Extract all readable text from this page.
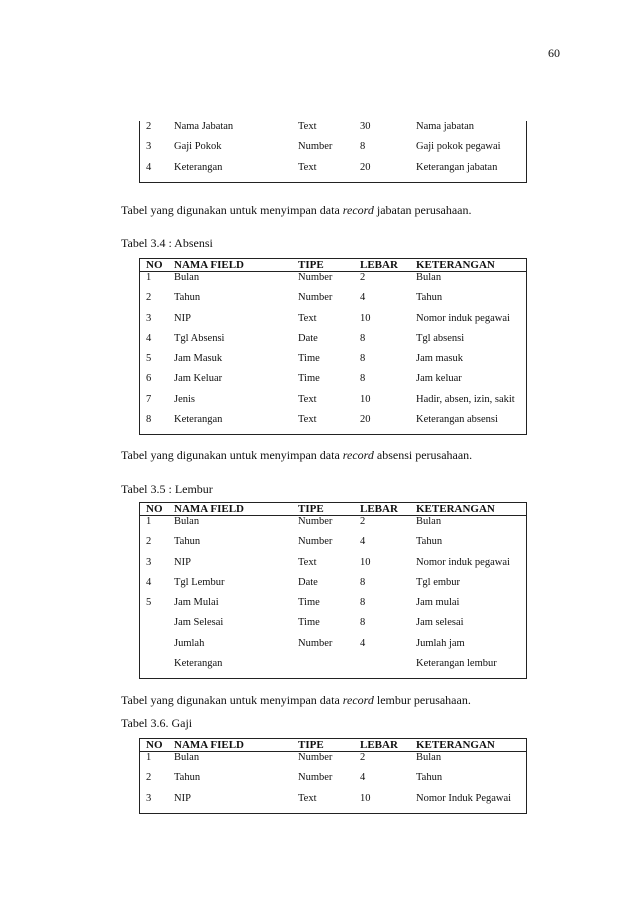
60
2	Nama Jabatan	Text	30	Nama jabatan
3	Gaji Pokok	Number	8	Gaji pokok pegawai
4	Keterangan	Text	20	Keterangan jabatan
Tabel yang digunakan untuk menyimpan data record jabatan perusahaan.
Tabel 3.4 : Absensi
NO	NAMA FIELD	TIPE	LEBAR	KETERANGAN
1	Bulan	Number	2	Bulan
2	Tahun	Number	4	Tahun
3	NIP	Text	10	Nomor induk pegawai
4	Tgl Absensi	Date	8	Tgl absensi
5	Jam Masuk	Time	8	Jam masuk
6	Jam Keluar	Time	8	Jam keluar
7	Jenis	Text	10	Hadir, absen, izin, sakit
8	Keterangan	Text	20	Keterangan absensi
Tabel yang digunakan untuk menyimpan data record absensi perusahaan.
Tabel 3.5 : Lembur
NO	NAMA FIELD	TIPE	LEBAR	KETERANGAN
1	Bulan	Number	2	Bulan
2	Tahun	Number	4	Tahun
3	NIP	Text	10	Nomor induk pegawai
4	Tgl Lembur	Date	8	Tgl embur
5	Jam Mulai	Time	8	Jam mulai
	Jam Selesai	Time	8	Jam selesai
	Jumlah	Number	4	Jumlah jam
	Keterangan			Keterangan lembur
Tabel yang digunakan untuk menyimpan data record lembur perusahaan.
Tabel 3.6. Gaji
NO	NAMA FIELD	TIPE	LEBAR	KETERANGAN
1	Bulan	Number	2	Bulan
2	Tahun	Number	4	Tahun
3	NIP	Text	10	Nomor Induk Pegawai
